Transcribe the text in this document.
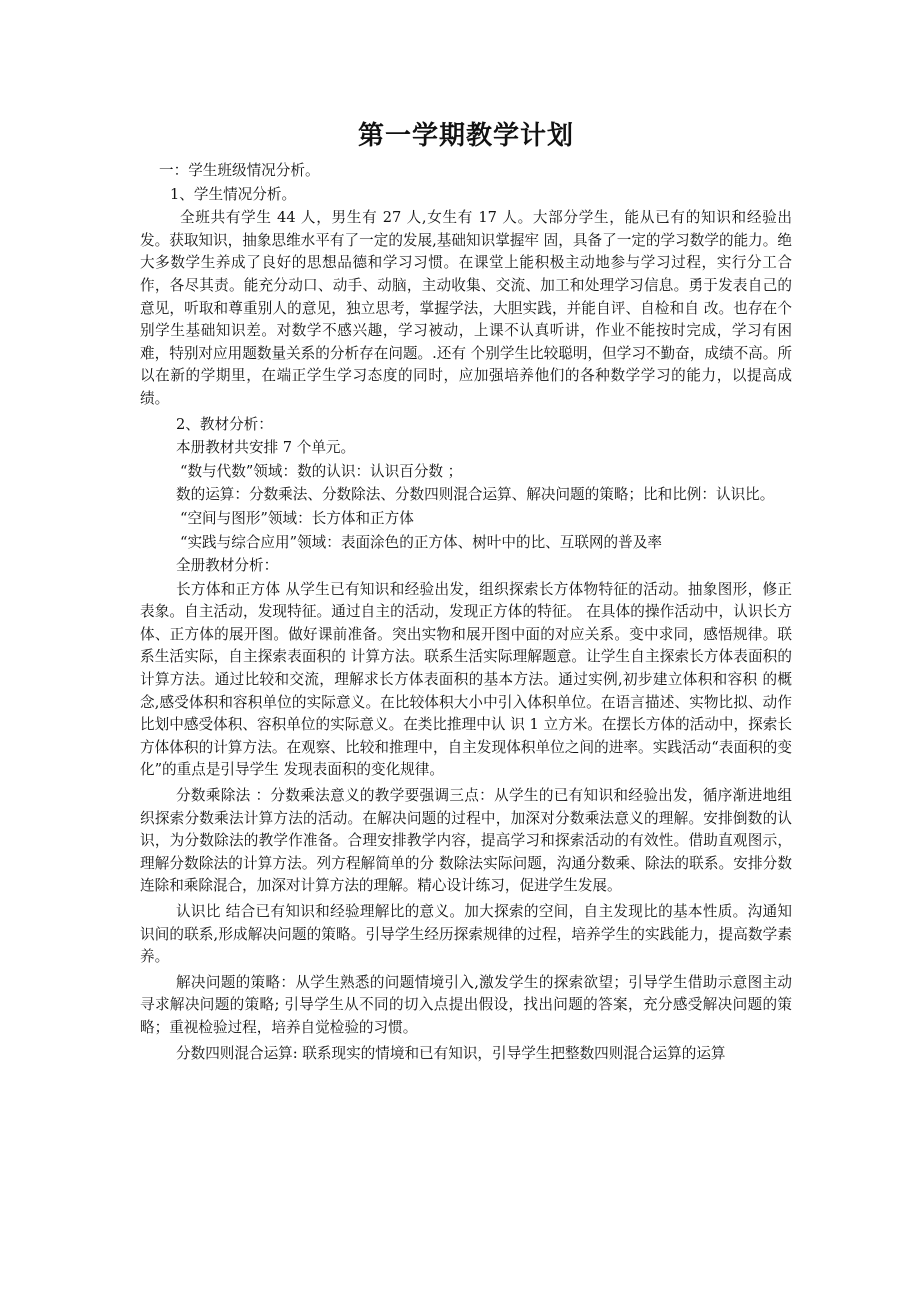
第一学期教学计划

一：学生班级情况分析。

1、学生情况分析。

全班共有学生 44 人，男生有 27 人,女生有 17 人。大部分学生，能从已有的知识和经验出发。获取知识，抽象思维水平有了一定的发展,基础知识掌握牢 固，具备了一定的学习数学的能力。绝大多数学生养成了良好的思想品德和学习习惯。在课堂上能积极主动地参与学习过程，实行分工合作，各尽其责。能充分动口、动手、动脑，主动收集、交流、加工和处理学习信息。勇于发表自己的意见，听取和尊重别人的意见，独立思考，掌握学法，大胆实践，并能自评、自检和自 改。也存在个别学生基础知识差。对数学不感兴趣，学习被动，上课不认真听讲，作业不能按时完成，学习有困难，特别对应用题数量关系的分析存在问题。.还有 个别学生比较聪明，但学习不勤奋，成绩不高。所以在新的学期里，在端正学生学习态度的同时，应加强培养他们的各种数学学习的能力，以提高成绩。

2、教材分析：

本册教材共安排 7 个单元。

“数与代数”领域：数的认识：认识百分数 ；

数的运算：分数乘法、分数除法、分数四则混合运算、解决问题的策略；比和比例：认识比。

“空间与图形”领域：长方体和正方体

“实践与综合应用”领域：表面涂色的正方体、树叶中的比、互联网的普及率

全册教材分析：

长方体和正方体 从学生已有知识和经验出发，组织探索长方体物特征的活动。抽象图形，修正表象。自主活动，发现特征。通过自主的活动，发现正方体的特征。 在具体的操作活动中，认识长方体、正方体的展开图。做好课前准备。突出实物和展开图中面的对应关系。变中求同，感悟规律。联系生活实际，自主探索表面积的 计算方法。联系生活实际理解题意。让学生自主探索长方体表面积的计算方法。通过比较和交流，理解求长方体表面积的基本方法。通过实例,初步建立体积和容积 的概念,感受体积和容积单位的实际意义。在比较体积大小中引入体积单位。在语言描述、实物比拟、动作比划中感受体积、容积单位的实际意义。在类比推理中认 识 1 立方米。在摆长方体的活动中，探索长方体体积的计算方法。在观察、比较和推理中，自主发现体积单位之间的进率。实践活动“表面积的变化”的重点是引导学生 发现表面积的变化规律。

分数乘除法 ：分数乘法意义的教学要强调三点：从学生的已有知识和经验出发，循序渐进地组织探索分数乘法计算方法的活动。在解决问题的过程中，加深对分数乘法意义的理解。安排倒数的认识，为分数除法的教学作准备。合理安排教学内容，提高学习和探索活动的有效性。借助直观图示，理解分数除法的计算方法。列方程解简单的分 数除法实际问题，沟通分数乘、除法的联系。安排分数连除和乘除混合，加深对计算方法的理解。精心设计练习，促进学生发展。

认识比 结合已有知识和经验理解比的意义。加大探索的空间，自主发现比的基本性质。沟通知识间的联系,形成解决问题的策略。引导学生经历探索规律的过程，培养学生的实践能力，提高数学素养。

解决问题的策略：从学生熟悉的问题情境引入,激发学生的探索欲望；引导学生借助示意图主动寻求解决问题的策略; 引导学生从不同的切入点提出假设，找出问题的答案，充分感受解决问题的策略；重视检验过程，培养自觉检验的习惯。

分数四则混合运算: 联系现实的情境和已有知识，引导学生把整数四则混合运算的运算
